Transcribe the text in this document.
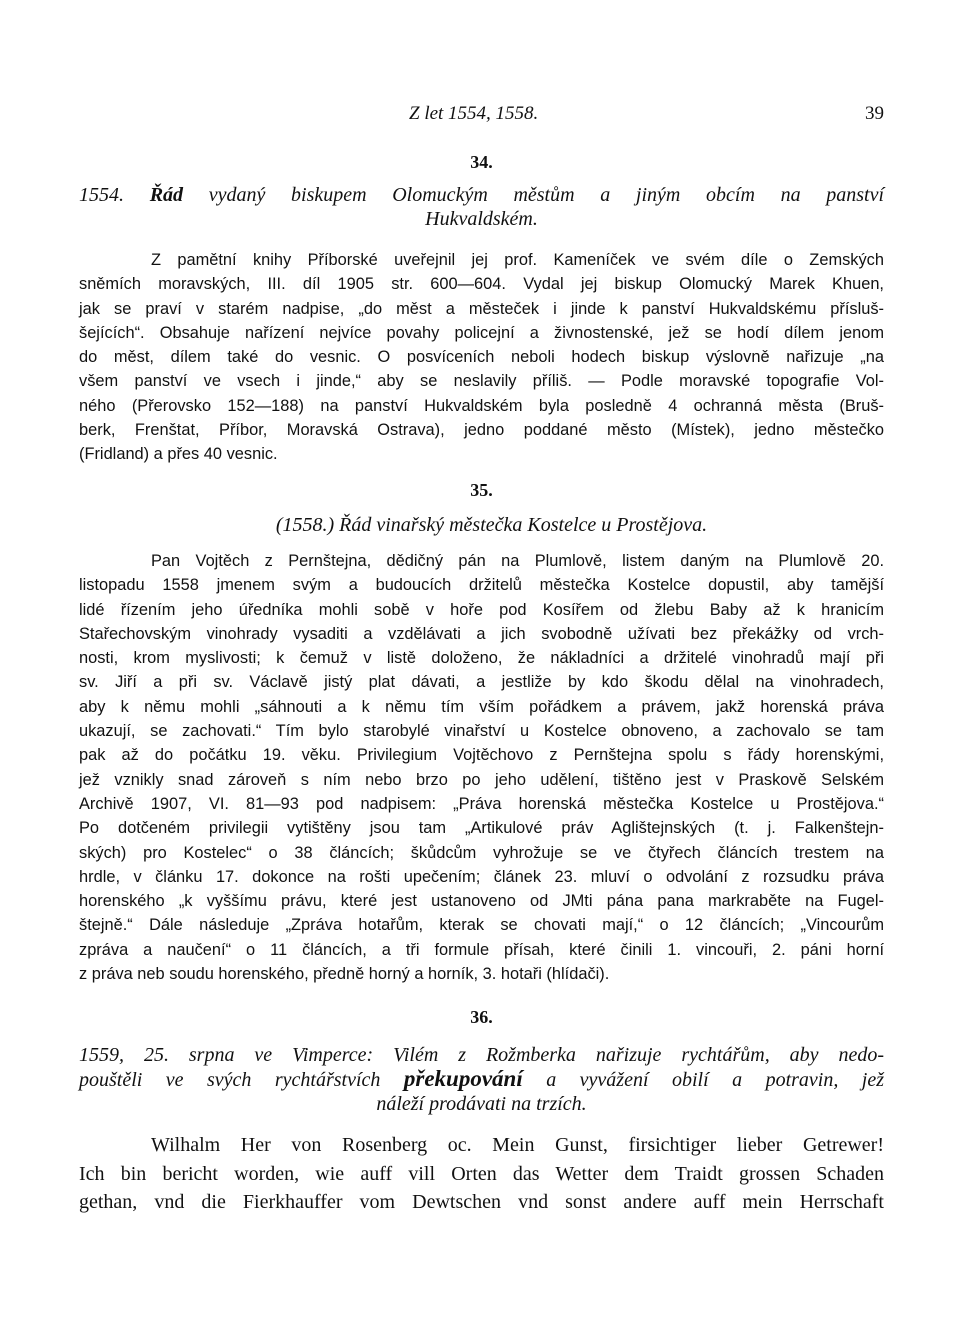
Z let 1554, 1558.	39
34.
1554. Řád vydaný biskupem Olomuckým městům a jiným obcím na panství
Hukvaldském.
Z pamětní knihy Příborské uveřejnil jej prof. Kameníček ve svém díle o Zemských
sněmích moravských, III. díl 1905 str. 600—604. Vydal jej biskup Olomucký Marek Khuen,
jak se praví v starém nadpise, „do měst a městeček i jinde k panství Hukvaldskému přísluš-
šejících“. Obsahuje nařízení nejvíce povahy policejní a živnostenské, jež se hodí dílem jenom
do měst, dílem také do vesnic. O posvíceních neboli hodech biskup výslovně nařizuje „na
všem panství ve vsech i jinde,“ aby se neslavily příliš. — Podle moravské topografie Vol-
ného (Přerovsko 152—188) na panství Hukvaldském byla posledně 4 ochranná města (Bruš-
berk, Frenštat, Příbor, Moravská Ostrava), jedno poddané město (Místek), jedno městečko
(Fridland) a přes 40 vesnic.
35.
(1558.) Řád vinařský městečka Kostelce u Prostějova.
Pan Vojtěch z Pernštejna, dědičný pán na Plumlově, listem daným na Plumlově 20.
listopadu 1558 jmenem svým a budoucích držitelů městečka Kostelce dopustil, aby tamější
lidé řízením jeho úředníka mohli sobě v hoře pod Kosířem od žlebu Baby až k hranicím
Stařechovským vinohrady vysaditi a vzdělávati a jich svobodně užívati bez překážky od vrch-
nosti, krom myslivosti; k čemuž v listě doloženo, že nákladníci a držitelé vinohradů mají při
sv. Jiří a při sv. Václavě jistý plat dávati, a jestliže by kdo škodu dělal na vinohradech,
aby k němu mohli „sáhnouti a k němu tím vším pořádkem a právem, jakž horenská práva
ukazují, se zachovati.“ Tím bylo starobylé vinařství u Kostelce obnoveno, a zachovalo se tam
pak až do počátku 19. věku. Privilegium Vojtěchovo z Pernštejna spolu s řády horenskými,
jež vznikly snad zároveň s ním nebo brzo po jeho udělení, tištěno jest v Praskově Selském
Archivě 1907, VI. 81—93 pod nadpisem: „Práva horenská městečka Kostelce u Prostějova.“
Po dotčeném privilegii vytištěny jsou tam „Artikulové práv Aglištejnských (t. j. Falkenštejn-
ských) pro Kostelec“ o 38 článcích; škůdcům vyhrožuje se ve čtyřech článcích trestem na
hrdle, v článku 17. dokonce na rošti upečením; článek 23. mluví o odvolání z rozsudku práva
horenského „k vyššímu právu, které jest ustanoveno od JMti pána pana markraběte na Fugel-
štejně.“ Dále následuje „Zpráva hotařům, kterak se chovati mají,“ o 12 článcích; „Vincourům
zpráva a naučení“ o 11 článcích, a tři formule přísah, které činili 1. vincouři, 2. páni horní
z práva neb soudu horenského, předně horný a horník, 3. hotaři (hlídači).
36.
1559, 25. srpna ve Vimperce: Vilém z Rožmberka nařizuje rychtářům, aby nedo-
pouštěli ve svých rychtářstvích překupování a vyvážení obilí a potravin, jež
náleží prodávati na trzích.
Wilhalm Her von Rosenberg oc. Mein Gunst, firsichtiger lieber Getrewer!
Ich bin bericht worden, wie auff vill Orten das Wetter dem Traidt grossen Schaden
gethan, vnd die Fierkhauffer vom Dewtschen vnd sonst andere auff mein Herrschaft
